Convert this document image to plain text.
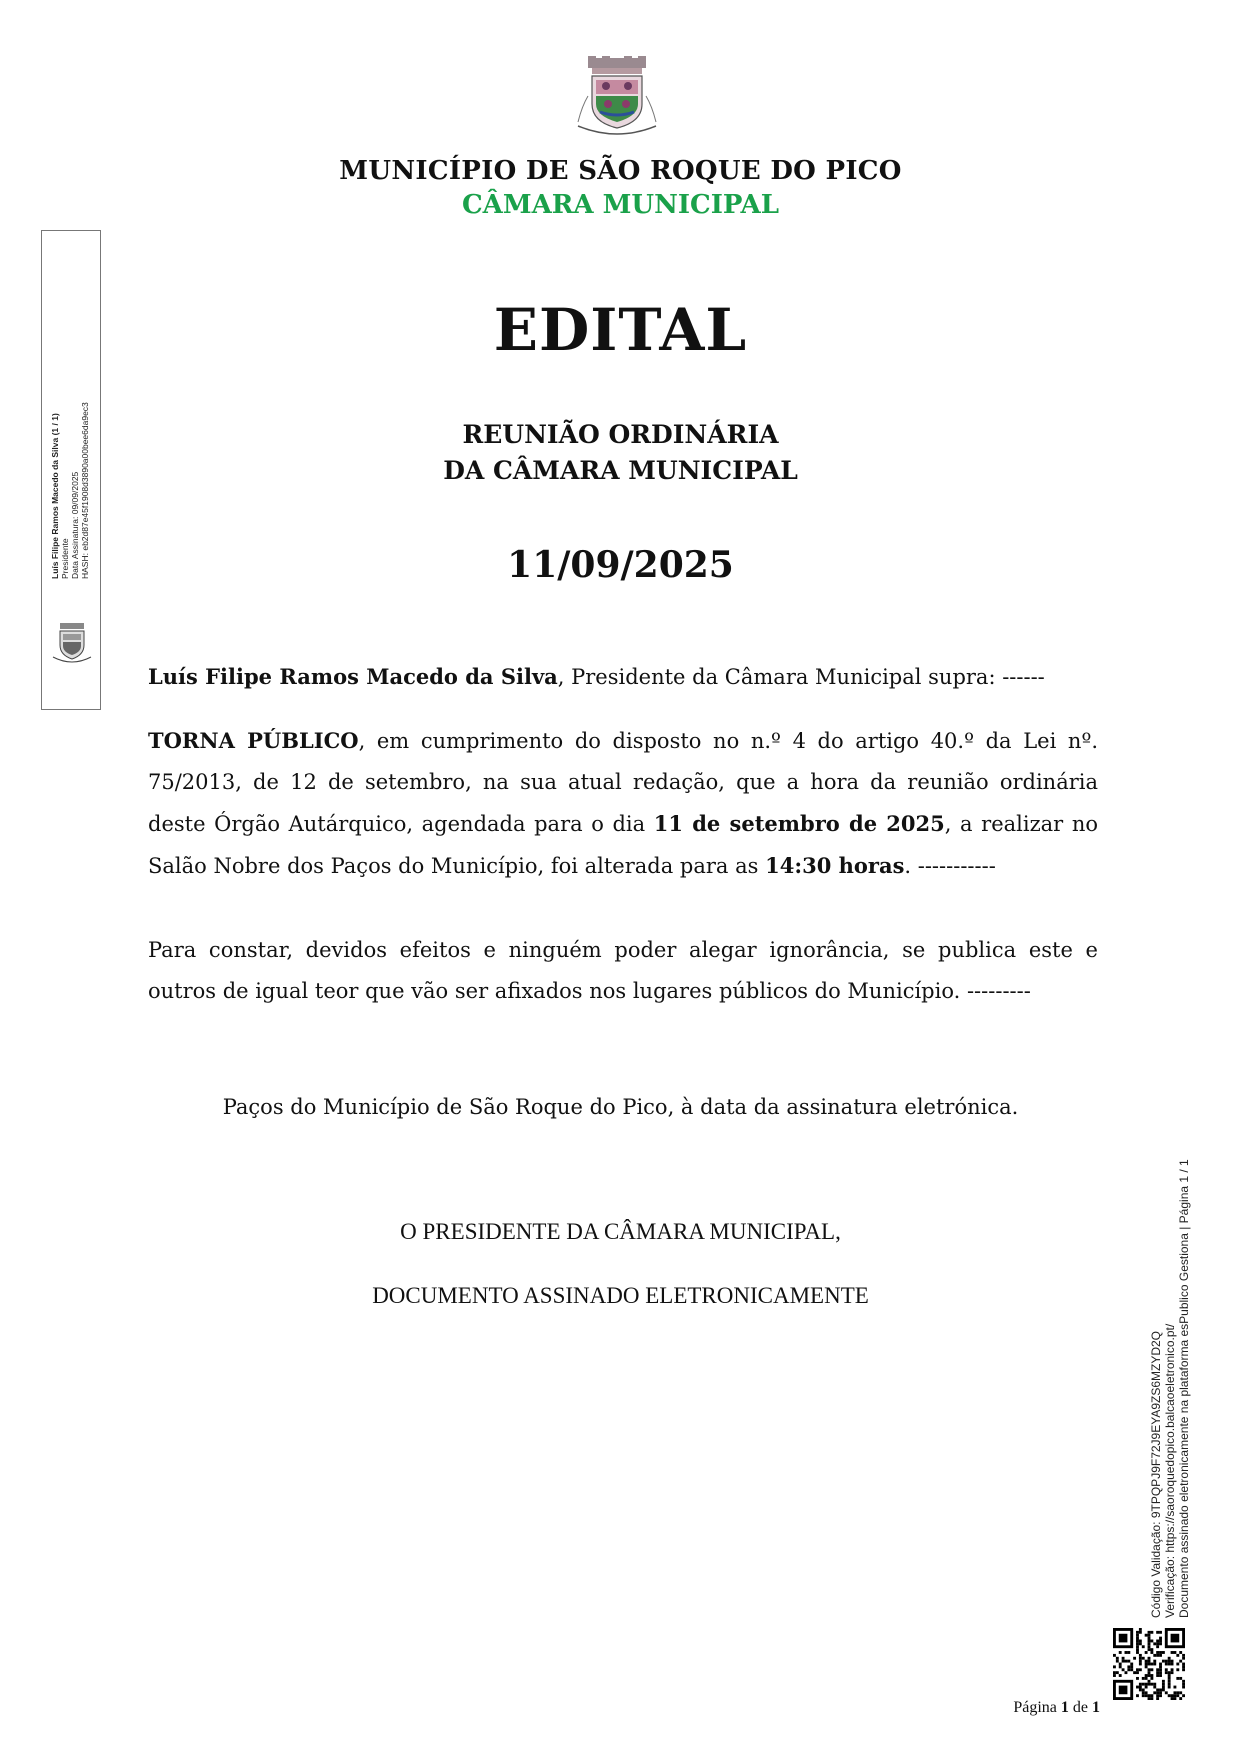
MUNICÍPIO DE SÃO ROQUE DO PICO
CÂMARA MUNICIPAL
EDITAL
REUNIÃO ORDINÁRIA
DA CÂMARA MUNICIPAL
11/09/2025

Luís Filipe Ramos Macedo da Silva, Presidente da Câmara Municipal supra: ------

TORNA PÚBLICO, em cumprimento do disposto no n.º 4 do artigo 40.º da Lei nº. 75/2013, de 12 de setembro, na sua atual redação, que a hora da reunião ordinária deste Órgão Autárquico, agendada para o dia 11 de setembro de 2025, a realizar no Salão Nobre dos Paços do Município, foi alterada para as 14:30 horas. -----------

Para constar, devidos efeitos e ninguém poder alegar ignorância, se publica este e outros de igual teor que vão ser afixados nos lugares públicos do Município. ---------

Paços do Município de São Roque do Pico, à data da assinatura eletrónica.
O PRESIDENTE DA CÂMARA MUNICIPAL,
DOCUMENTO ASSINADO ELETRONICAMENTE
Luís Filipe Ramos Macedo da Silva (1 / 1) Presidente Data Assinatura: 09/09/2025 HASH: eb2d87e45f1908d3890a00bee6da9ec3
Código Validação: 9TPQPJ9F72J9EYA9ZS6MZYD2Q Verificação: https://saoroquedopico.balcaoeletronico.pt/ Documento assinado eletronicamente na plataforma esPublico Gestiona | Página 1 / 1
Página 1 de 1
